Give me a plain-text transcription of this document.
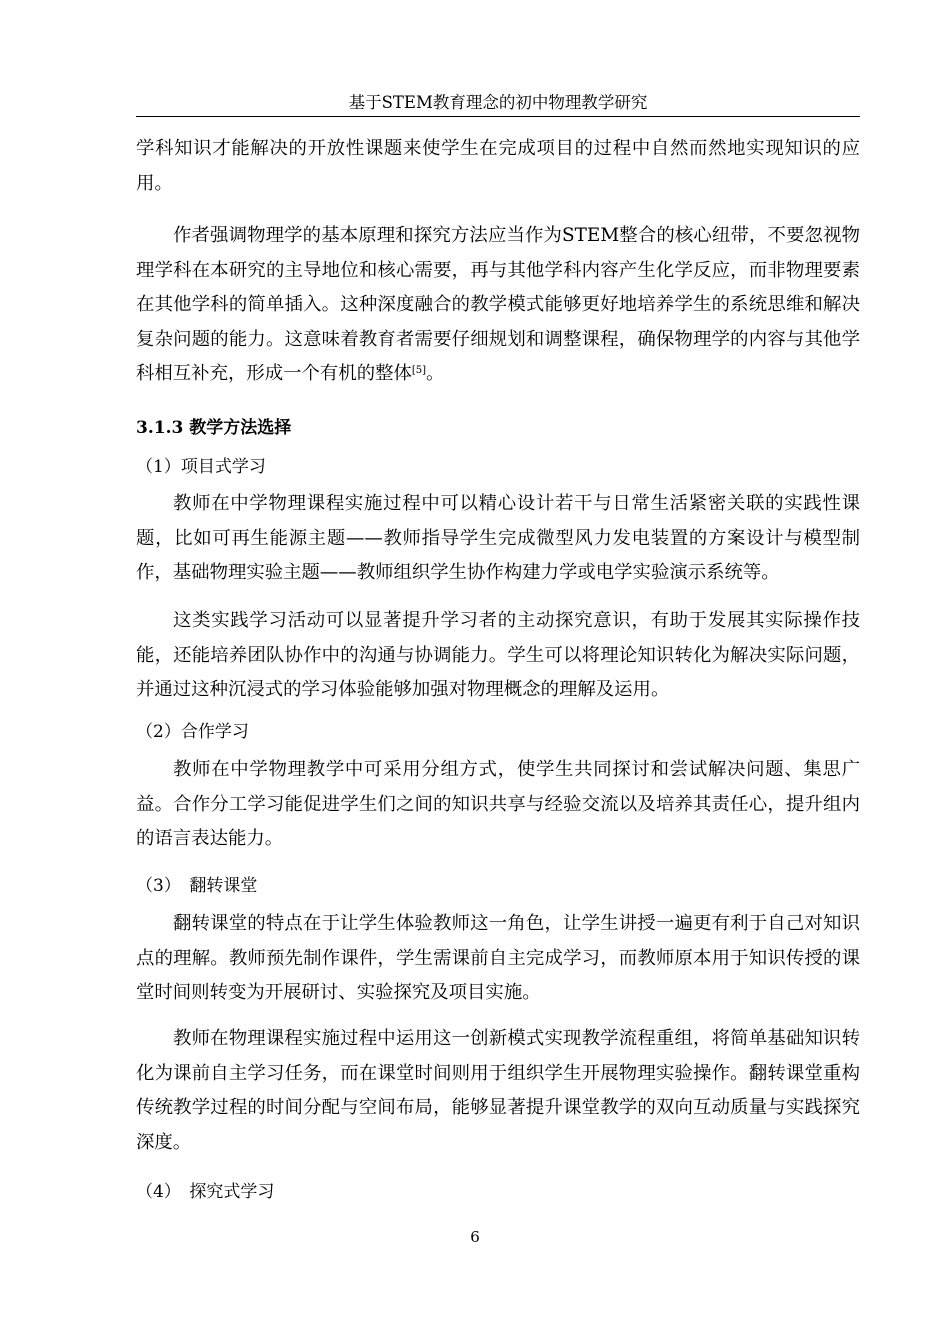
基于STEM教育理念的初中物理教学研究

学科知识才能解决的开放性课题来使学生在完成项目的过程中自然而然地实现知识的应用。

作者强调物理学的基本原理和探究方法应当作为STEM整合的核心纽带，不要忽视物理学科在本研究的主导地位和核心需要，再与其他学科内容产生化学反应，而非物理要素在其他学科的简单插入。这种深度融合的教学模式能够更好地培养学生的系统思维和解决复杂问题的能力。这意味着教育者需要仔细规划和调整课程，确保物理学的内容与其他学科相互补充，形成一个有机的整体[5]。

3.1.3 教学方法选择
（1）项目式学习

教师在中学物理课程实施过程中可以精心设计若干与日常生活紧密关联的实践性课题，比如可再生能源主题——教师指导学生完成微型风力发电装置的方案设计与模型制作，基础物理实验主题——教师组织学生协作构建力学或电学实验演示系统等。

这类实践学习活动可以显著提升学习者的主动探究意识，有助于发展其实际操作技能，还能培养团队协作中的沟通与协调能力。学生可以将理论知识转化为解决实际问题，并通过这种沉浸式的学习体验能够加强对物理概念的理解及运用。

（2）合作学习

教师在中学物理教学中可采用分组方式，使学生共同探讨和尝试解决问题、集思广益。合作分工学习能促进学生们之间的知识共享与经验交流以及培养其责任心，提升组内的语言表达能力。

（3）　翻转课堂

翻转课堂的特点在于让学生体验教师这一角色，让学生讲授一遍更有利于自己对知识点的理解。教师预先制作课件，学生需课前自主完成学习，而教师原本用于知识传授的课堂时间则转变为开展研讨、实验探究及项目实施。

教师在物理课程实施过程中运用这一创新模式实现教学流程重组，将简单基础知识转化为课前自主学习任务，而在课堂时间则用于组织学生开展物理实验操作。翻转课堂重构传统教学过程的时间分配与空间布局，能够显著提升课堂教学的双向互动质量与实践探究深度。

（4）　探究式学习
6
